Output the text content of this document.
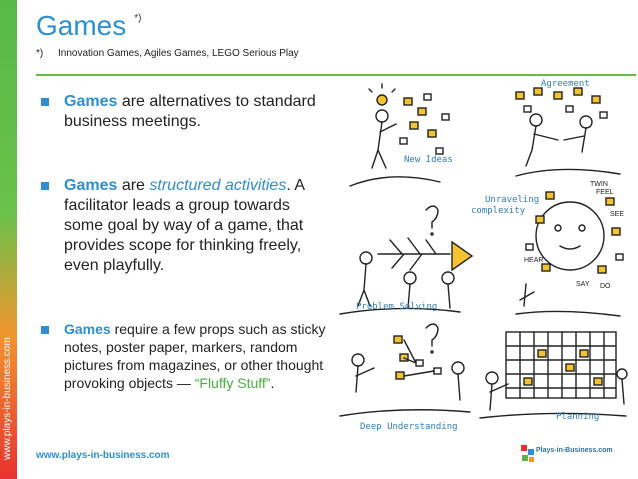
www.plays-in-business.com
Games *)
*) Innovation Games, Agiles Games, LEGO Serious Play
Games are alternatives to standard business meetings.
Games are structured activities. A facilitator leads a group towards some goal by way of a game, that provides scope for thinking freely, even playfully.
Games require a few props such as sticky notes, poster paper, markers, random pictures from magazines, or other thought provoking objects — “Fluffy Stuff”.
TWIN
FEEL
SEE
HEAR
SAY DO
Agreement
New Ideas
Unraveling
complexity
Problem Solving
Deep Understanding
Planning
www.plays-in-business.com	Plays-in-Business.com
